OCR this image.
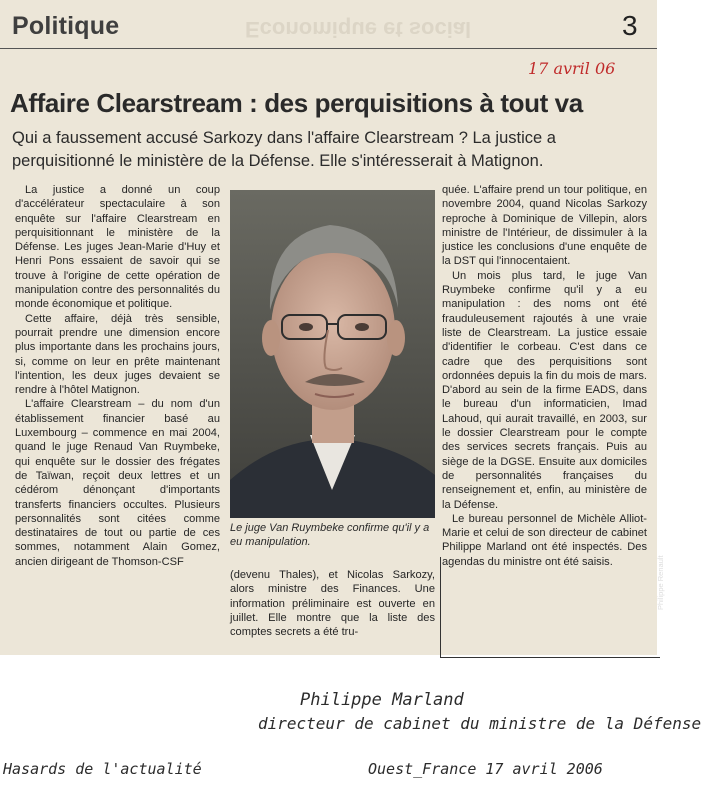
Politique	Economique et social	3
17 avril 06
Affaire Clearstream : des perquisitions à tout va
Qui a faussement accusé Sarkozy dans l'affaire Clearstream ? La justice a perquisitionné le ministère de la Défense. Elle s'intéresserait à Matignon.

La justice a donné un coup d'accélérateur spectaculaire à son enquête sur l'affaire Clearstream en perquisitionnant le ministère de la Défense. Les juges Jean-Marie d'Huy et Henri Pons essaient de savoir qui se trouve à l'origine de cette opération de manipulation contre des personnalités du monde économique et politique.

Cette affaire, déjà très sensible, pourrait prendre une dimension encore plus importante dans les prochains jours, si, comme on leur en prête maintenant l'intention, les deux juges devaient se rendre à l'hôtel Matignon.

L'affaire Clearstream – du nom d'un établissement financier basé au Luxembourg – commence en mai 2004, quand le juge Renaud Van Ruymbeke, qui enquête sur le dossier des frégates de Taïwan, reçoit deux lettres et un cédérom dénonçant d'importants transferts financiers occultes. Plusieurs personnalités sont citées comme destinataires de tout ou partie de ces sommes, notamment Alain Gomez, ancien dirigeant de Thomson-CSF	Philippe Renault
Le juge Van Ruymbeke confirme qu'il y a eu manipulation.

(devenu Thales), et Nicolas Sarkozy, alors ministre des Finances. Une information préliminaire est ouverte en juillet. Elle montre que la liste des comptes secrets a été tru-

quée. L'affaire prend un tour politique, en novembre 2004, quand Nicolas Sarkozy reproche à Dominique de Villepin, alors ministre de l'Intérieur, de dissimuler à la justice les conclusions d'une enquête de la DST qui l'innocentaient.

Un mois plus tard, le juge Van Ruymbeke confirme qu'il y a eu manipulation : des noms ont été frauduleusement rajoutés à une vraie liste de Clearstream. La justice essaie d'identifier le corbeau. C'est dans ce cadre que des perquisitions sont ordonnées depuis la fin du mois de mars. D'abord au sein de la firme EADS, dans le bureau d'un informaticien, Imad Lahoud, qui aurait travaillé, en 2003, sur le dossier Clearstream pour le compte des services secrets français. Puis au siège de la DGSE. Ensuite aux domiciles de personnalités françaises du renseignement et, enfin, au ministère de la Défense.

Le bureau personnel de Michèle Alliot-Marie et celui de son directeur de cabinet Philippe Marland ont été inspectés. Des agendas du ministre ont été saisis.

Philippe Marland
directeur de cabinet du ministre de la Défense
Hasards de l'actualité	Ouest_France 17 avril 2006
